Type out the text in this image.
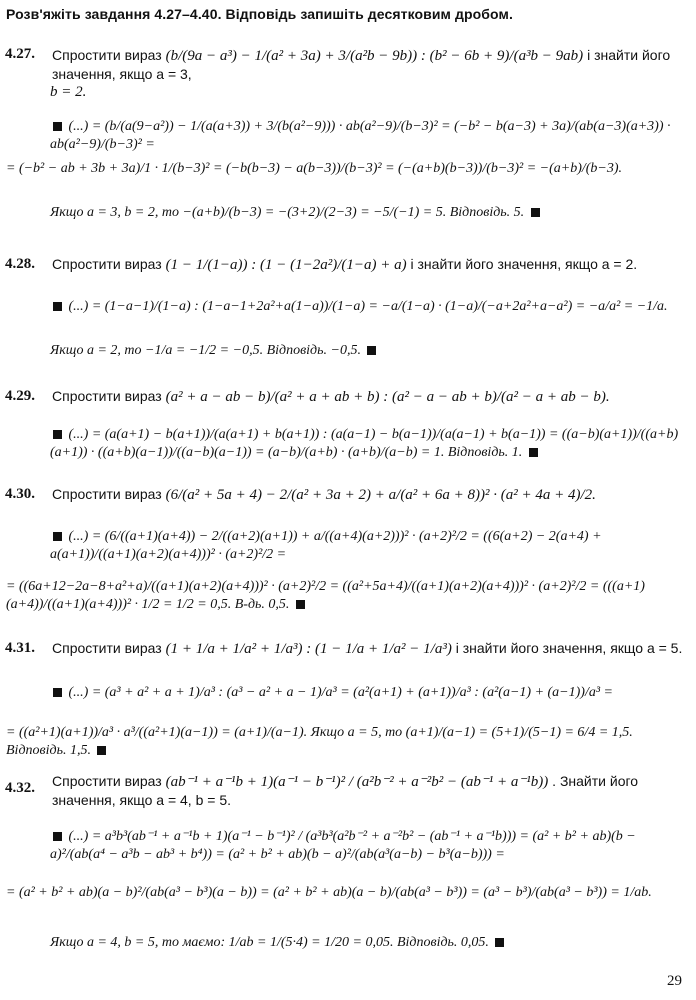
Розв'яжіть завдання 4.27–4.40. Відповідь запишіть десятковим дробом.
4.27. Спростити вираз (b/(9a − a³) − 1/(a² + 3a) + 3/(a²b − 9b)) : (b² − 6b + 9)/(a³b − 9ab) і знайти його значення, якщо a = 3,
b = 2.
(...) = (b/(a(9−a²)) − 1/(a(a+3)) + 3/(b(a²−9))) · ab(a²−9)/(b−3)² = (−b² − b(a−3) + 3a)/(ab(a−3)(a+3)) · ab(a²−9)/(b−3)² =
= (−b² − ab + 3b + 3a)/1 · 1/(b−3)² = (−b(b−3) − a(b−3))/(b−3)² = (−(a+b)(b−3))/(b−3)² = −(a+b)/(b−3).
Якщо a = 3, b = 2, то −(a+b)/(b−3) = −(3+2)/(2−3) = −5/(−1) = 5. Відповідь. 5.
4.28. Спростити вираз (1 − 1/(1−a)) : (1 − (1−2a²)/(1−a) + a) і знайти його значення, якщо a = 2.
(...) = (1−a−1)/(1−a) : (1−a−1+2a²+a(1−a))/(1−a) = −a/(1−a) · (1−a)/(−a+2a²+a−a²) = −a/a² = −1/a.
Якщо a = 2, то −1/a = −1/2 = −0,5. Відповідь. −0,5.
4.29. Спростити вираз (a² + a − ab − b)/(a² + a + ab + b) : (a² − a − ab + b)/(a² − a + ab − b).
(...) = (a(a+1) − b(a+1))/(a(a+1) + b(a+1)) : (a(a−1) − b(a−1))/(a(a−1) + b(a−1)) = ((a−b)(a+1))/((a+b)(a+1)) · ((a+b)(a−1))/((a−b)(a−1)) = (a−b)/(a+b) · (a+b)/(a−b) = 1. Відповідь. 1.
4.30. Спростити вираз (6/(a² + 5a + 4) − 2/(a² + 3a + 2) + a/(a² + 6a + 8))² · (a² + 4a + 4)/2.
(...) = (6/((a+1)(a+4)) − 2/((a+2)(a+1)) + a/((a+4)(a+2)))² · (a+2)²/2 = ((6(a+2) − 2(a+4) + a(a+1))/((a+1)(a+2)(a+4)))² · (a+2)²/2 =
= ((6a+12−2a−8+a²+a)/((a+1)(a+2)(a+4)))² · (a+2)²/2 = ((a²+5a+4)/((a+1)(a+2)(a+4)))² · (a+2)²/2 = (((a+1)(a+4))/((a+1)(a+4)))² · 1/2 = 1/2 = 0,5. В-дь. 0,5.
4.31. Спростити вираз (1 + 1/a + 1/a² + 1/a³) : (1 − 1/a + 1/a² − 1/a³) і знайти його значення, якщо a = 5.
(...) = (a³ + a² + a + 1)/a³ : (a³ − a² + a − 1)/a³ = (a²(a+1) + (a+1))/a³ : (a²(a−1) + (a−1))/a³ =
= ((a²+1)(a+1))/a³ · a³/((a²+1)(a−1)) = (a+1)/(a−1). Якщо a = 5, то (a+1)/(a−1) = (5+1)/(5−1) = 6/4 = 1,5. Відповідь. 1,5.
4.32. Спростити вираз (ab⁻¹ + a⁻¹b + 1)(a⁻¹ − b⁻¹)² / (a²b⁻² + a⁻²b² − (ab⁻¹ + a⁻¹b)) . Знайти його значення, якщо a = 4, b = 5.
(...) = a³b³(ab⁻¹ + a⁻¹b + 1)(a⁻¹ − b⁻¹)² / (a³b³(a²b⁻² + a⁻²b² − (ab⁻¹ + a⁻¹b))) = (a² + b² + ab)(b − a)²/(ab(a⁴ − a³b − ab³ + b⁴)) = (a² + b² + ab)(b − a)²/(ab(a³(a−b) − b³(a−b))) =
= (a² + b² + ab)(a − b)²/(ab(a³ − b³)(a − b)) = (a² + b² + ab)(a − b)/(ab(a³ − b³)) = (a³ − b³)/(ab(a³ − b³)) = 1/ab.
Якщо a = 4, b = 5, то маємо: 1/ab = 1/(5·4) = 1/20 = 0,05. Відповідь. 0,05.
29
